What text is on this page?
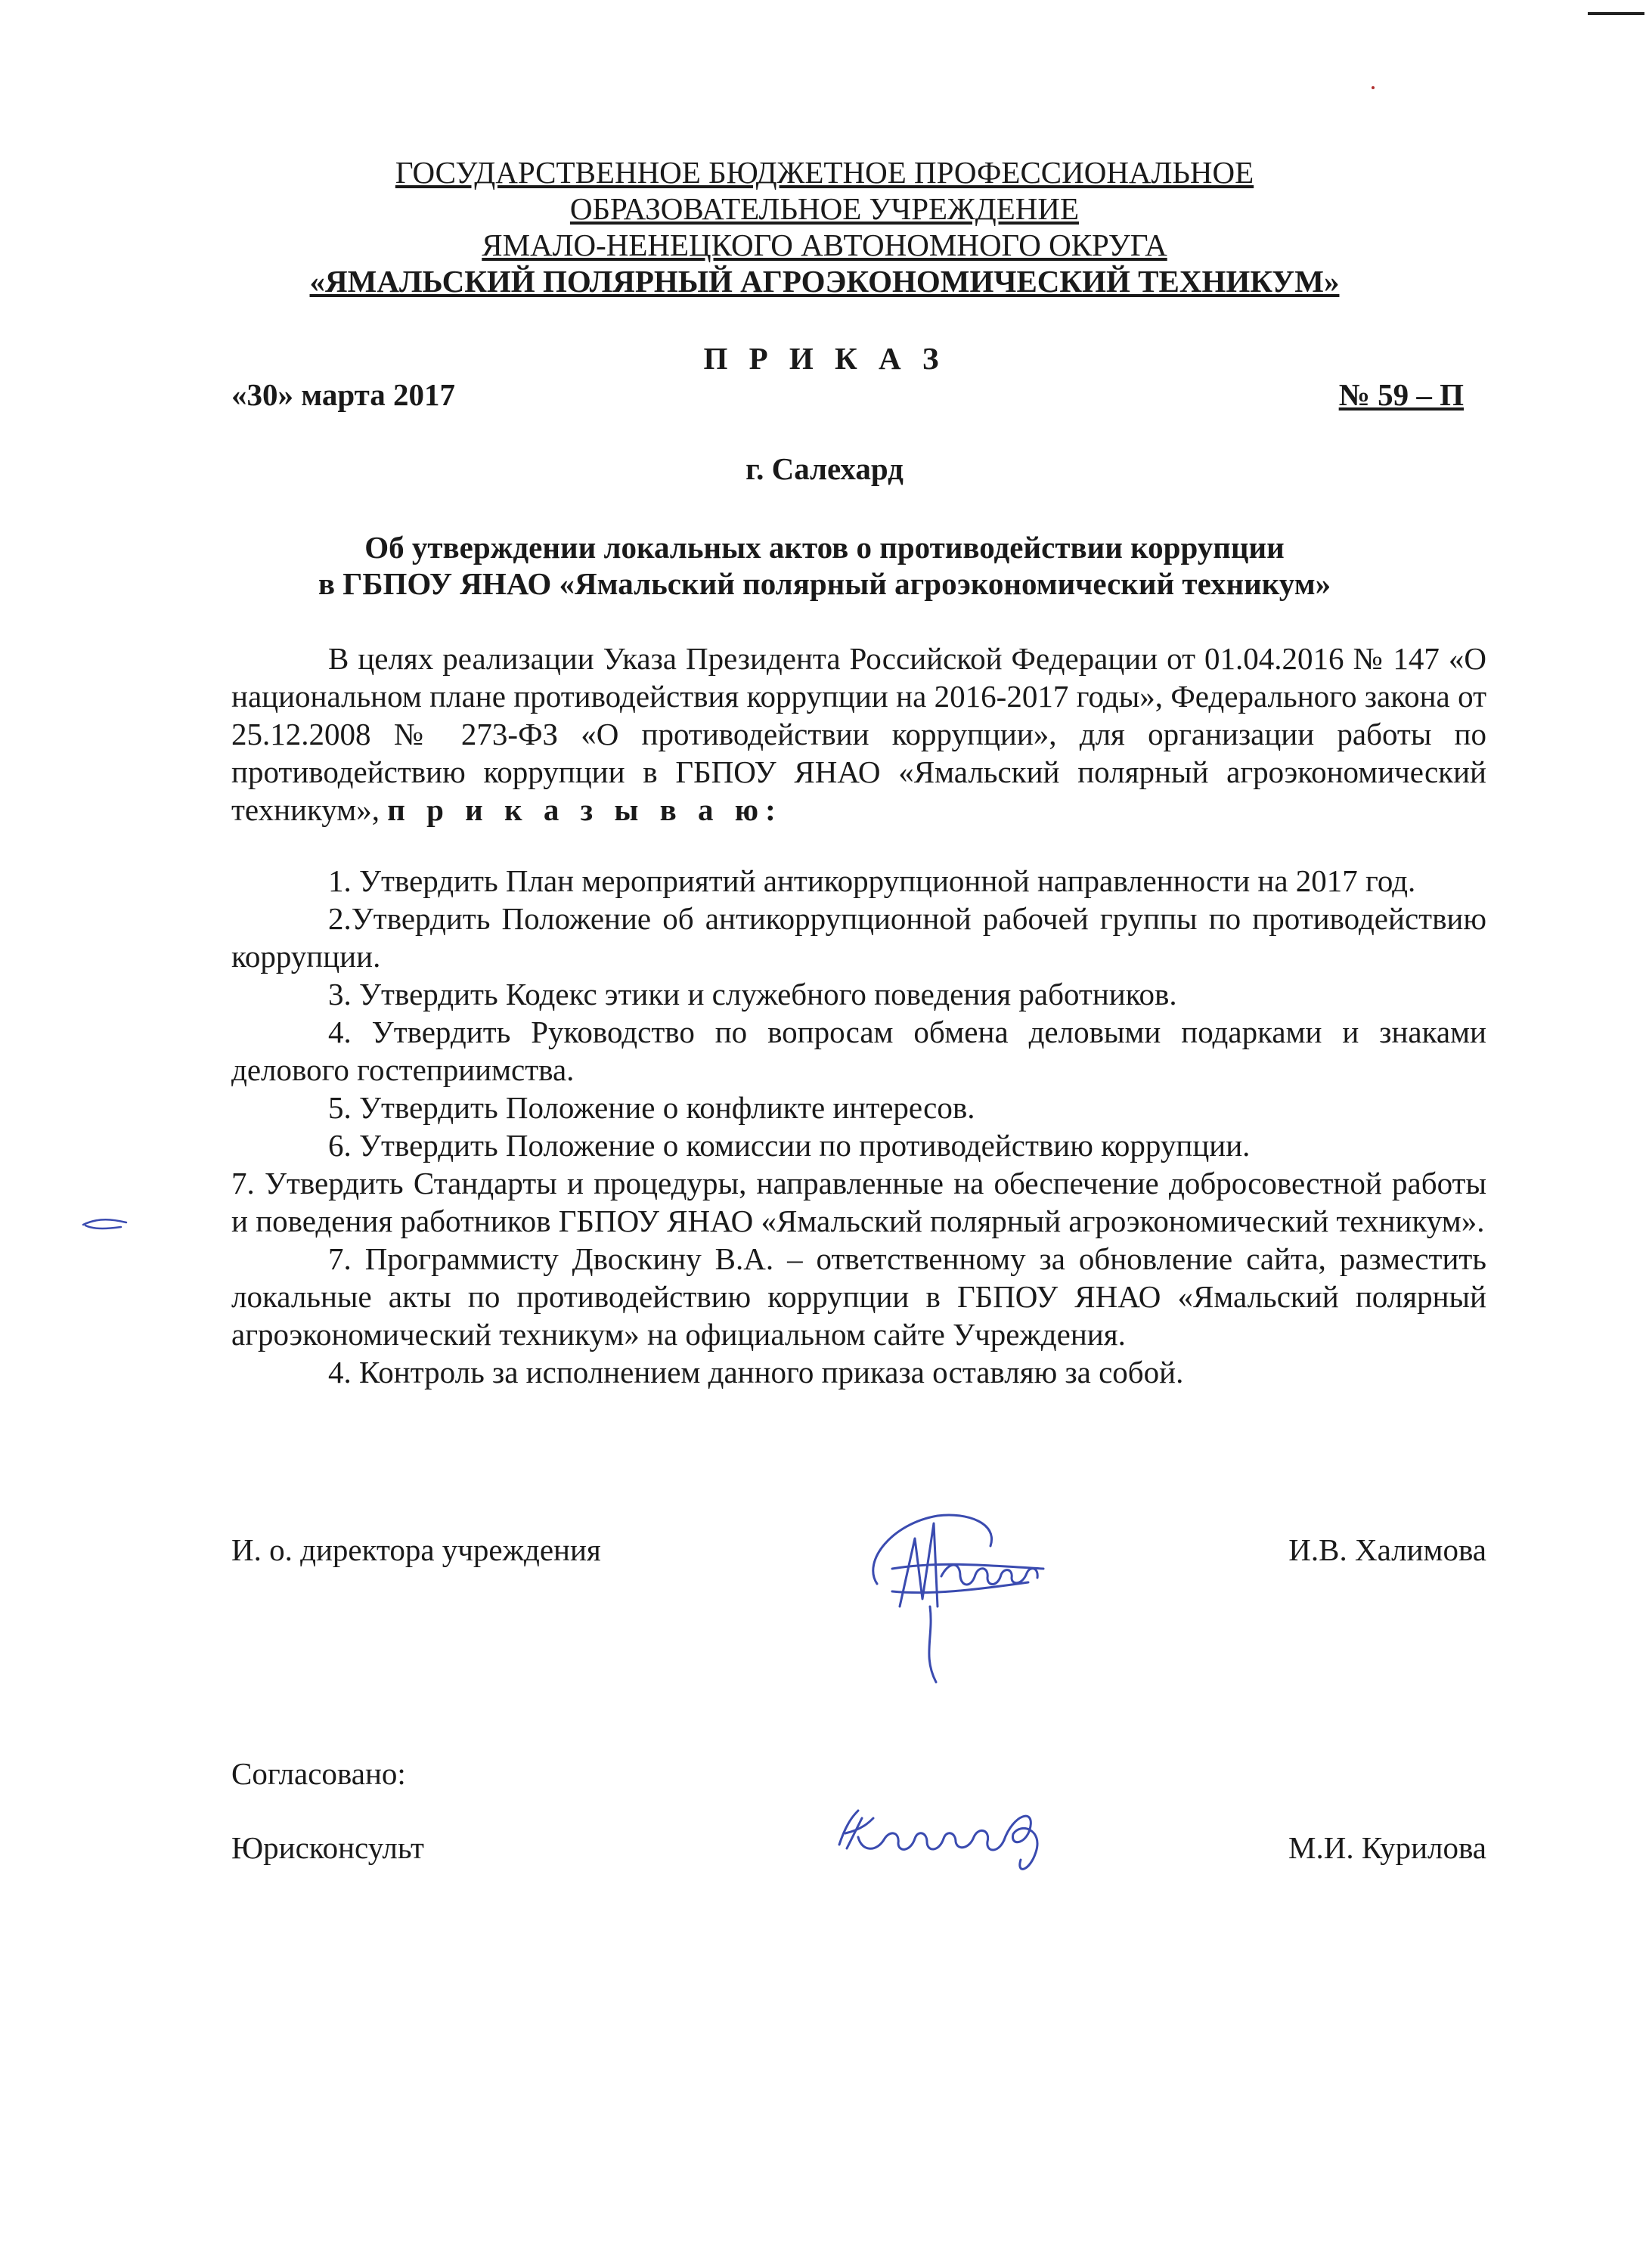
ГОСУДАРСТВЕННОЕ БЮДЖЕТНОЕ ПРОФЕССИОНАЛЬНОЕ
ОБРАЗОВАТЕЛЬНОЕ УЧРЕЖДЕНИЕ
ЯМАЛО-НЕНЕЦКОГО АВТОНОМНОГО ОКРУГА
«ЯМАЛЬСКИЙ ПОЛЯРНЫЙ АГРОЭКОНОМИЧЕСКИЙ ТЕХНИКУМ»
П Р И К А З
«30» марта 2017	№ 59 – П
г. Салехард
Об утверждении локальных актов о противодействии коррупции
в ГБПОУ ЯНАО «Ямальский полярный агроэкономический техникум»

В целях реализации Указа Президента Российской Федерации от 01.04.2016 № 147 «О национальном плане противодействия коррупции на 2016-2017 годы», Федерального закона от 25.12.2008 № 273-ФЗ «О противодействии коррупции», для организации работы по противодействию коррупции в ГБПОУ ЯНАО «Ямальский полярный агроэкономический техникум», п р и к а з ы в а ю:

1. Утвердить План мероприятий антикоррупционной направленности на 2017 год.

2.Утвердить Положение об антикоррупционной рабочей группы по противодействию коррупции.

3. Утвердить Кодекс этики и служебного поведения работников.

4. Утвердить Руководство по вопросам обмена деловыми подарками и знаками делового гостеприимства.

5. Утвердить Положение о конфликте интересов.

6. Утвердить Положение о комиссии по противодействию коррупции.

7. Утвердить Стандарты и процедуры, направленные на обеспечение добросовестной работы и поведения работников ГБПОУ ЯНАО «Ямальский полярный агроэкономический техникум».

7. Программисту Двоскину В.А. – ответственному за обновление сайта, разместить локальные акты по противодействию коррупции в ГБПОУ ЯНАО «Ямальский полярный агроэкономический техникум» на официальном сайте Учреждения.

4. Контроль за исполнением данного приказа оставляю за собой.

И. о. директора учреждения	И.В. Халимова
Согласовано:
Юрисконсульт	М.И. Курилова
